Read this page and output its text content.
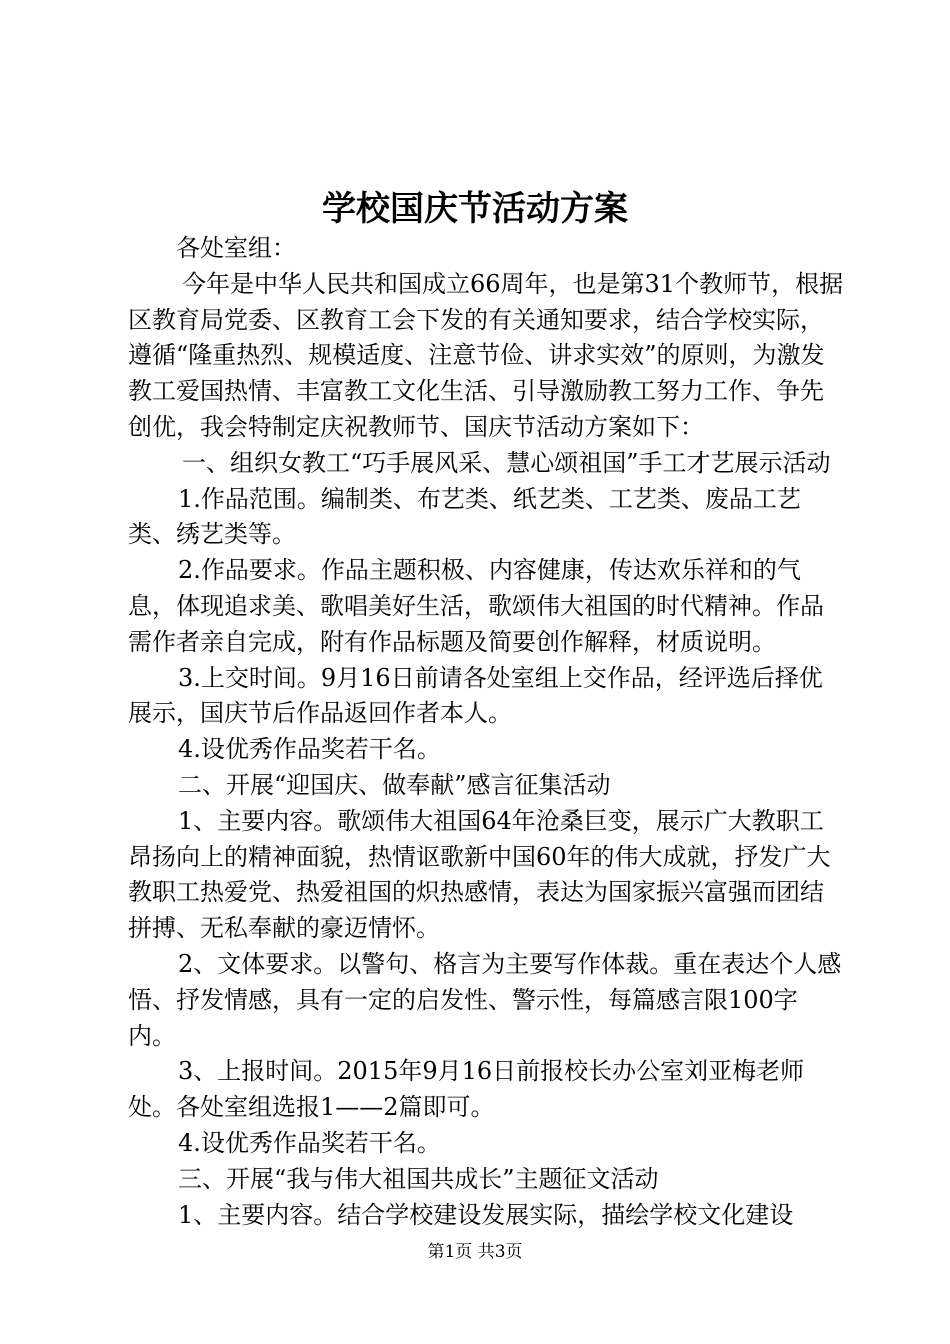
学校国庆节活动方案

各处室组：

今年是中华人民共和国成立66周年，也是第31个教师节，根据区教育局党委、区教育工会下发的有关通知要求，结合学校实际，遵循“隆重热烈、规模适度、注意节俭、讲求实效”的原则，为激发教工爱国热情、丰富教工文化生活、引导激励教工努力工作、争先创优，我会特制定庆祝教师节、国庆节活动方案如下：

一、组织女教工“巧手展风采、慧心颂祖国”手工才艺展示活动

1.作品范围。编制类、布艺类、纸艺类、工艺类、废品工艺类、绣艺类等。

2.作品要求。作品主题积极、内容健康，传达欢乐祥和的气息，体现追求美、歌唱美好生活，歌颂伟大祖国的时代精神。作品需作者亲自完成，附有作品标题及简要创作解释，材质说明。

3.上交时间。9月16日前请各处室组上交作品，经评选后择优展示，国庆节后作品返回作者本人。

4.设优秀作品奖若干名。

二、开展“迎国庆、做奉献”感言征集活动

1、主要内容。歌颂伟大祖国64年沧桑巨变，展示广大教职工昂扬向上的精神面貌，热情讴歌新中国60年的伟大成就，抒发广大教职工热爱党、热爱祖国的炽热感情，表达为国家振兴富强而团结拼搏、无私奉献的豪迈情怀。

2、文体要求。以警句、格言为主要写作体裁。重在表达个人感悟、抒发情感，具有一定的启发性、警示性，每篇感言限100字内。

3、上报时间。2015年9月16日前报校长办公室刘亚梅老师处。各处室组选报1——2篇即可。

4.设优秀作品奖若干名。

三、开展“我与伟大祖国共成长”主题征文活动

1、主要内容。结合学校建设发展实际，描绘学校文化建设

第1页 共3页
